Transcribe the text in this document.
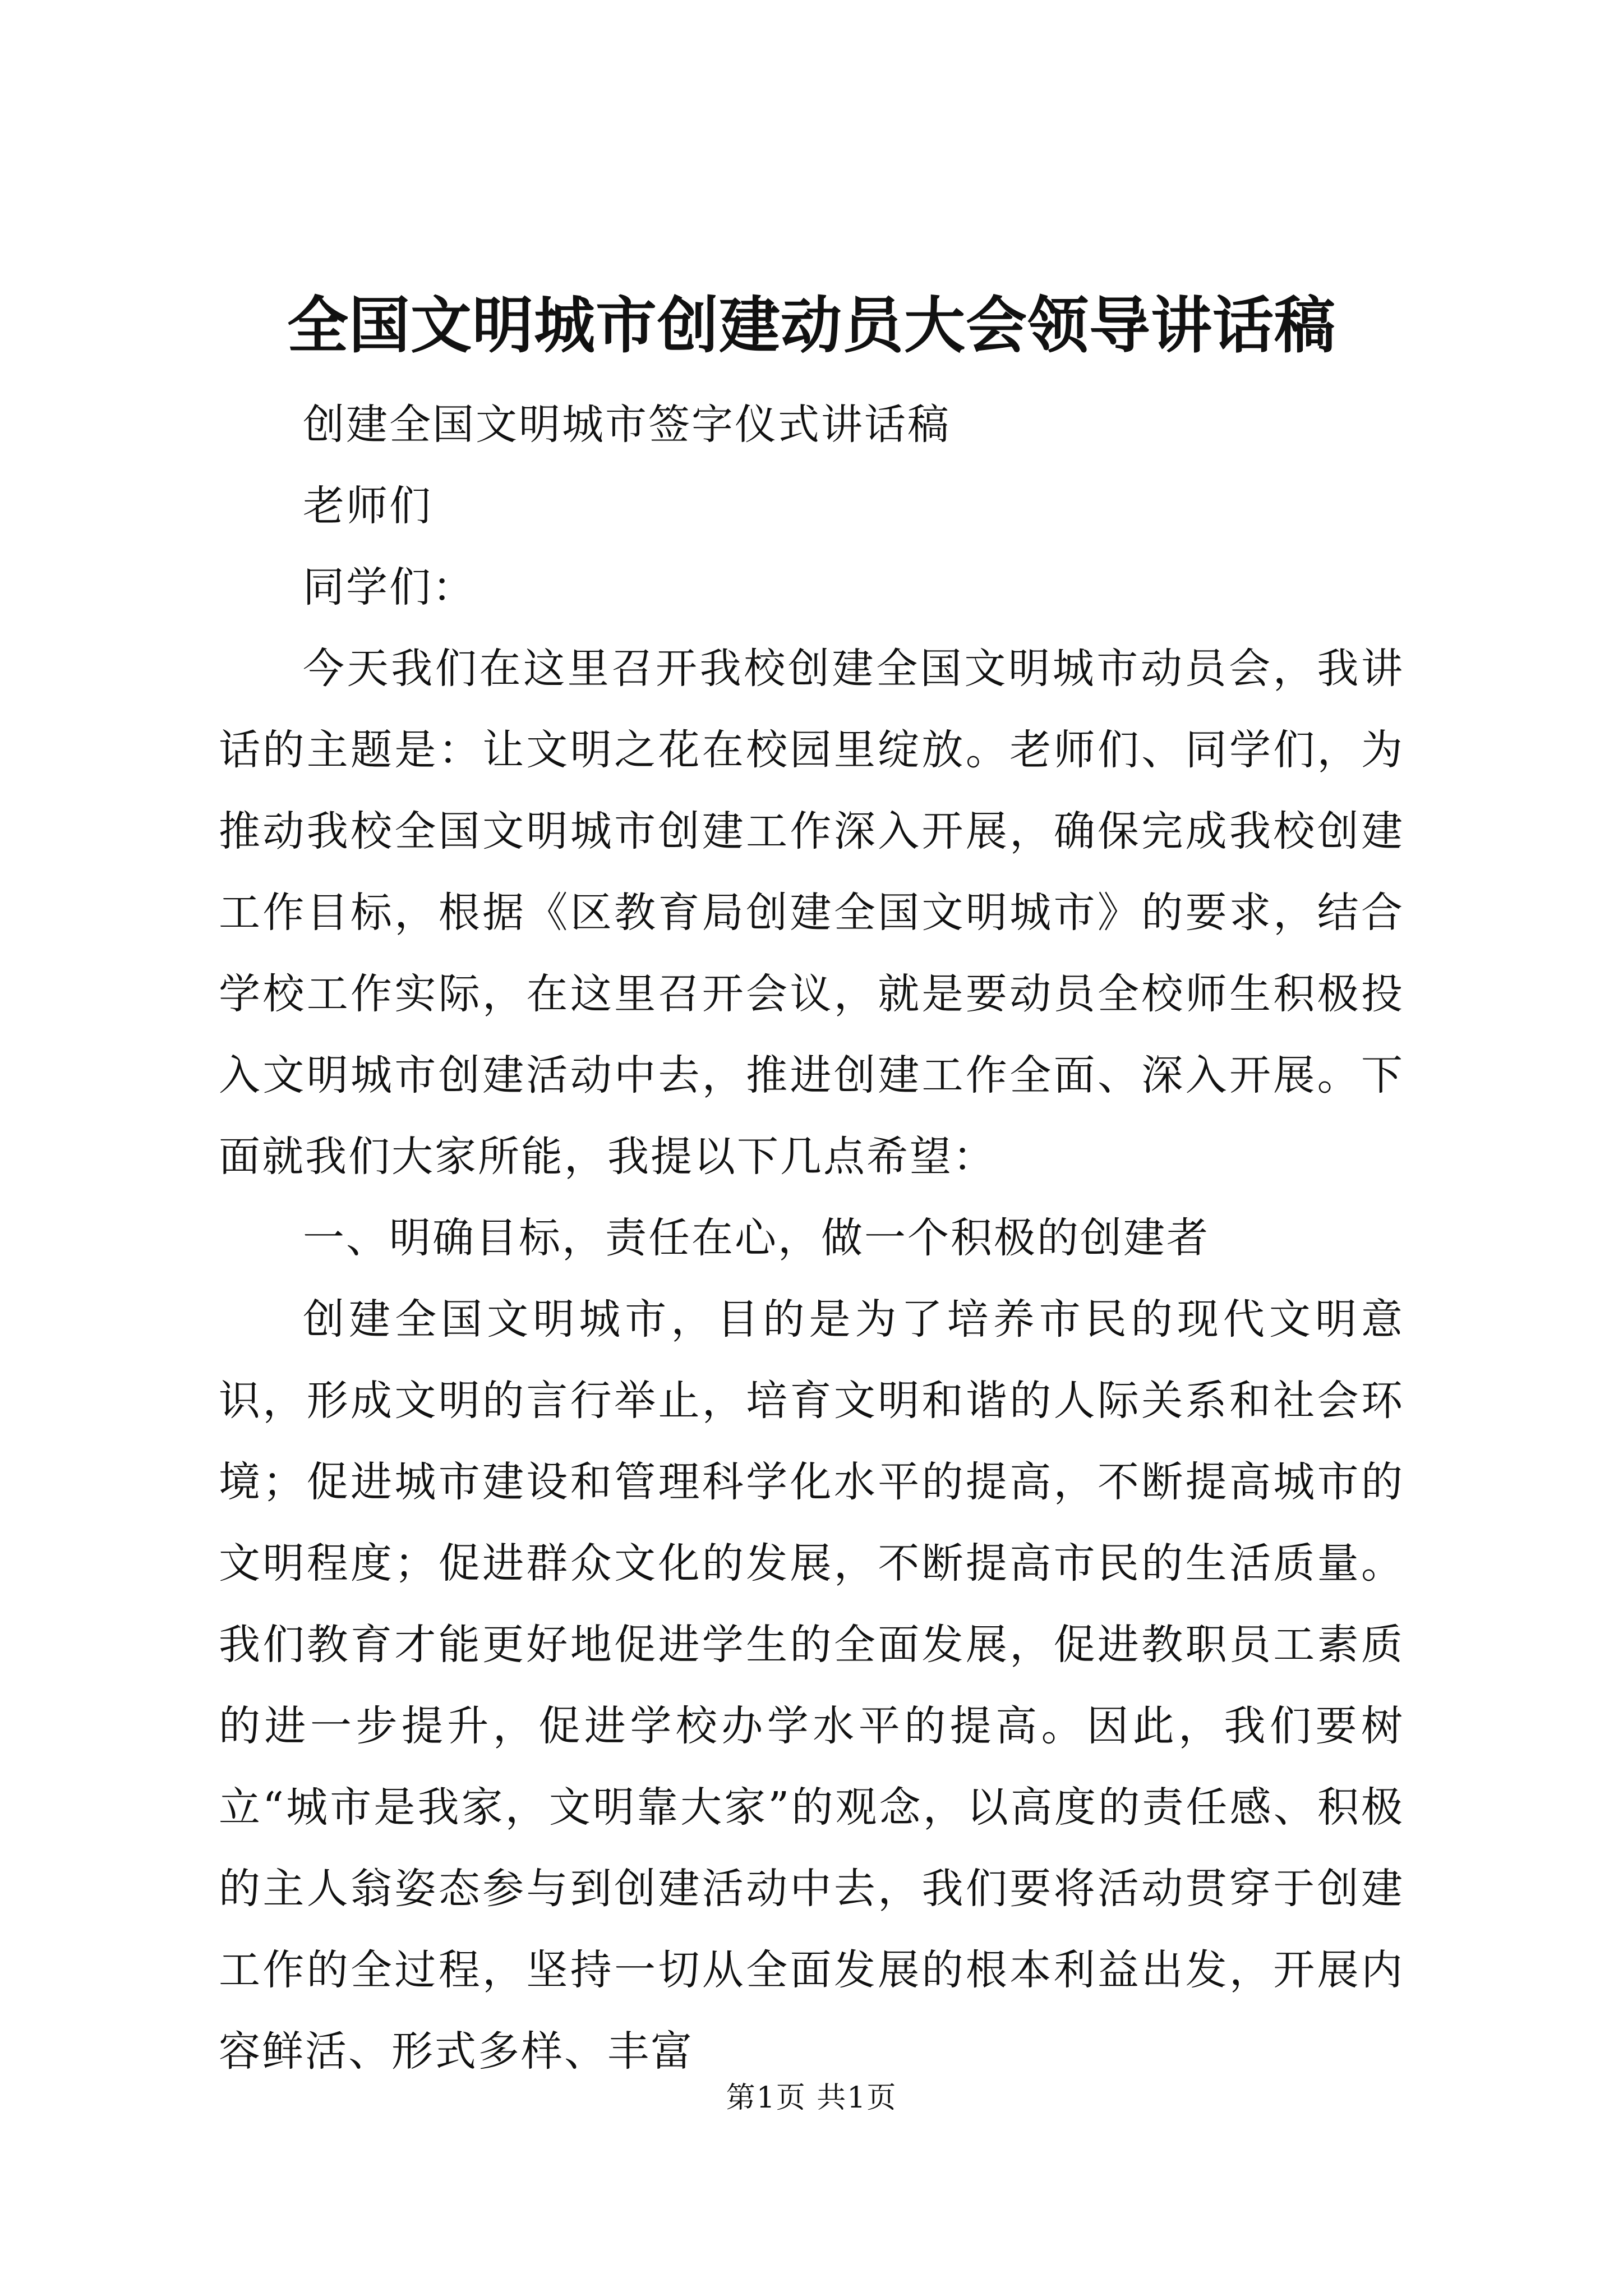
全国文明城市创建动员大会领导讲话稿

创建全国文明城市签字仪式讲话稿

老师们

同学们：

今天我们在这里召开我校创建全国文明城市动员会，我讲话的主题是：让文明之花在校园里绽放。老师们、同学们，为推动我校全国文明城市创建工作深入开展，确保完成我校创建工作目标，根据《区教育局创建全国文明城市》的要求，结合学校工作实际，在这里召开会议，就是要动员全校师生积极投入文明城市创建活动中去，推进创建工作全面、深入开展。下面就我们大家所能，我提以下几点希望：

一、明确目标，责任在心，做一个积极的创建者

创建全国文明城市，目的是为了培养市民的现代文明意识，形成文明的言行举止，培育文明和谐的人际关系和社会环境；促进城市建设和管理科学化水平的提高，不断提高城市的文明程度；促进群众文化的发展，不断提高市民的生活质量。我们教育才能更好地促进学生的全面发展，促进教职员工素质的进一步提升，促进学校办学水平的提高。因此，我们要树立“城市是我家，文明靠大家”的观念，以高度的责任感、积极的主人翁姿态参与到创建活动中去，我们要将活动贯穿于创建工作的全过程，坚持一切从全面发展的根本利益出发，开展内容鲜活、形式多样、丰富

第1页 共1页
